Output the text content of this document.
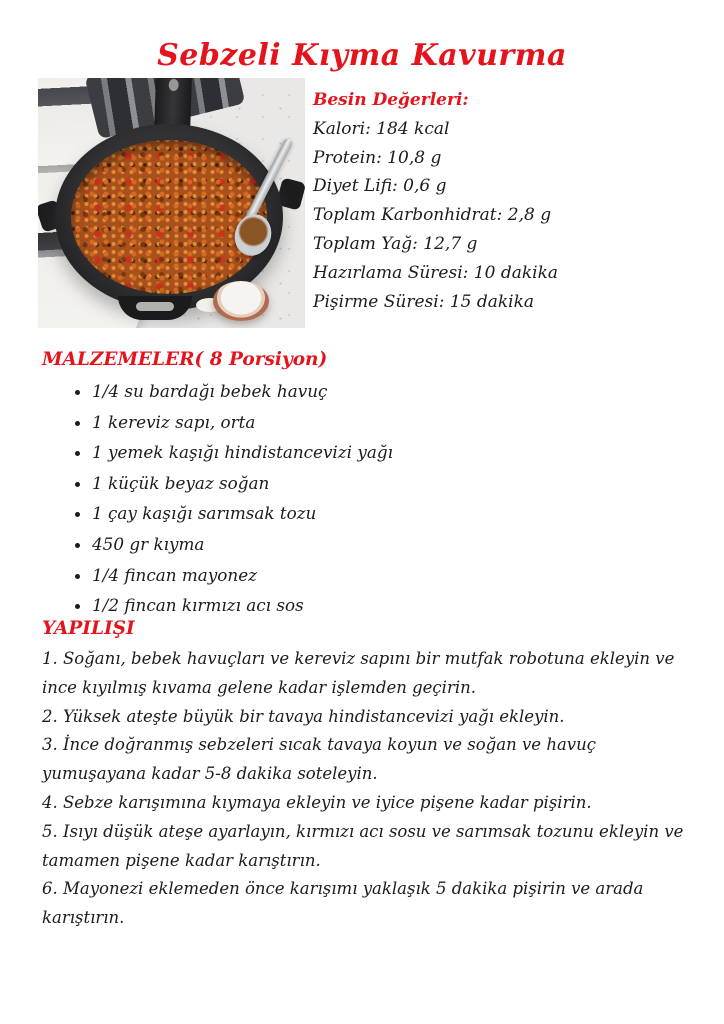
Sebzeli Kıyma Kavurma
Besin Değerleri:
Kalori: 184 kcal
Protein: 10,8 g
Diyet Lifi: 0,6 g
Toplam Karbonhidrat: 2,8 g
Toplam Yağ: 12,7 g
Hazırlama Süresi: 10 dakika
Pişirme Süresi: 15 dakika
MALZEMELER( 8 Porsiyon)
• 1/4 su bardağı bebek havuç
• 1 kereviz sapı, orta
• 1 yemek kaşığı hindistancevizi yağı
• 1 küçük beyaz soğan
• 1 çay kaşığı sarımsak tozu
• 450 gr kıyma
• 1/4 fincan mayonez
• 1/2 fincan kırmızı acı sos
YAPILIŞI

1. Soğanı, bebek havuçları ve kereviz sapını bir mutfak robotuna ekleyin ve ince kıyılmış kıvama gelene kadar işlemden geçirin.

2. Yüksek ateşte büyük bir tavaya hindistancevizi yağı ekleyin.

3. İnce doğranmış sebzeleri sıcak tavaya koyun ve soğan ve havuç yumuşayana kadar 5-8 dakika soteleyin.

4. Sebze karışımına kıymaya ekleyin ve iyice pişene kadar pişirin.

5. Isıyı düşük ateşe ayarlayın, kırmızı acı sosu ve sarımsak tozunu ekleyin ve tamamen pişene kadar karıştırın.

6. Mayonezi eklemeden önce karışımı yaklaşık 5 dakika pişirin ve arada karıştırın.
